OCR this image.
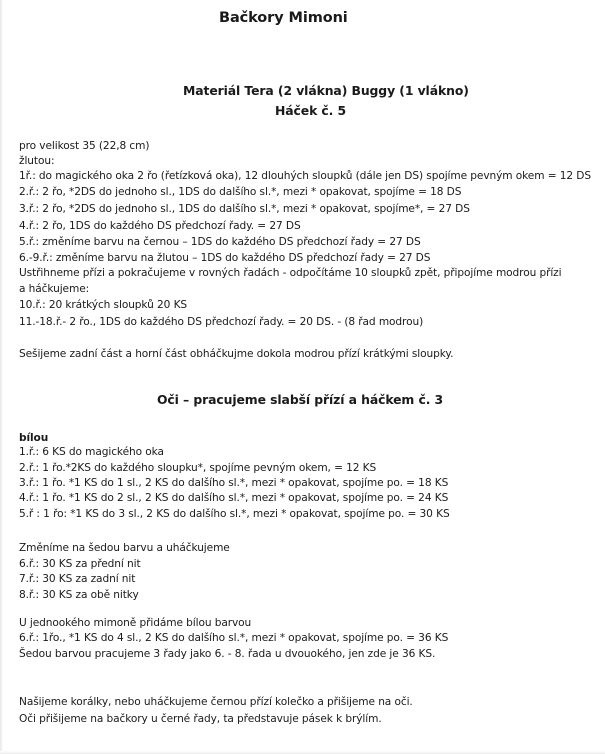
Bačkory Mimoni
Materiál Tera (2 vlákna) Buggy (1 vlákno)
Háček č. 5
pro velikost 35 (22,8 cm)
žlutou:
1ř.: do magického oka 2 řo (řetízková oka), 12 dlouhých sloupků (dále jen DS) spojíme pevným okem = 12 DS
2.ř.: 2 řo, *2DS do jednoho sl., 1DS do dalšího sl.*, mezi * opakovat, spojíme = 18 DS
3.ř.: 2 řo, *2DS do jednoho sl., 1DS do dalšího sl.*, mezi * opakovat, spojíme*, = 27 DS
4.ř.: 2 řo, 1DS do každého DS předchozí řady. = 27 DS
5.ř.: změníme barvu na černou – 1DS do každého DS předchozí řady = 27 DS
6.-9.ř.: změníme barvu na žlutou – 1DS do každého DS předchozí řady = 27 DS
Ustřihneme přízi a pokračujeme v rovných řadách - odpočítáme 10 sloupků zpět, připojíme modrou přízi
a háčkujeme:
10.ř.: 20 krátkých sloupků 20 KS
11.-18.ř.- 2 řo., 1DS do každého DS předchozí řady. = 20 DS. - (8 řad modrou)
Sešijeme zadní část a horní část obháčkujme dokola modrou přízí krátkými sloupky.
Oči – pracujeme slabší přízí a háčkem č. 3
bílou
1.ř.: 6 KS do magického oka
2.ř.: 1 řo.*2KS do každého sloupku*, spojíme pevným okem, = 12 KS
3.ř.: 1 řo. *1 KS do 1 sl., 2 KS do dalšího sl.*, mezi * opakovat, spojíme po. = 18 KS
4.ř.: 1 řo. *1 KS do 2 sl., 2 KS do dalšího sl.*, mezi * opakovat, spojíme po. = 24 KS
5.ř : 1 řo: *1 KS do 3 sl., 2 KS do dalšího sl.*, mezi * opakovat, spojíme po. = 30 KS
Změníme na šedou barvu a uháčkujeme
6.ř.: 30 KS za přední nit
7.ř.: 30 KS za zadní nit
8.ř.: 30 KS za obě nitky
U jednookého mimoně přidáme bílou barvou
6.ř.: 1řo., *1 KS do 4 sl., 2 KS do dalšího sl.*, mezi * opakovat, spojíme po. = 36 KS
Šedou barvou pracujeme 3 řady jako 6. - 8. řada u dvouokého, jen zde je 36 KS.
Našijeme korálky, nebo uháčkujeme černou přízí kolečko a přišijeme na oči.
Oči přišijeme na bačkory u černé řady, ta představuje pásek k brýlím.
